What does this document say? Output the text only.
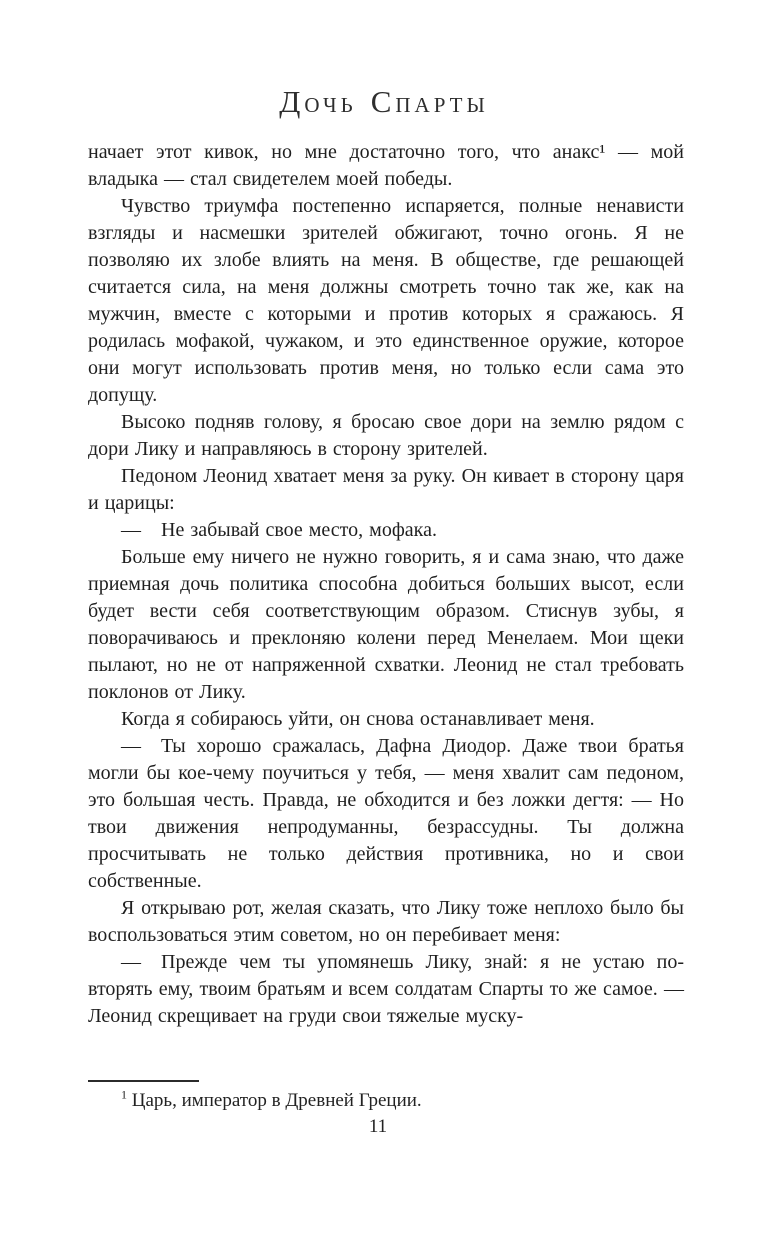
ДОЧЬ СПАРТЫ

начает этот кивок, но мне достаточно того, что анакс¹ — мой владыка — стал свидетелем моей победы.

Чувство триумфа постепенно испаряется, полные ненависти взгляды и насмешки зрителей обжигают, точно огонь. Я не позволяю их злобе влиять на меня. В обществе, где решающей считается сила, на меня должны смотреть точно так же, как на мужчин, вместе с которыми и против которых я сражаюсь. Я родилась мофакой, чужаком, и это единственное оружие, которое они могут использовать против меня, но только если сама это допущу.

Высоко подняв голову, я бросаю свое дори на землю рядом с дори Лику и направляюсь в сторону зрителей.

Педоном Леонид хватает меня за руку. Он кивает в сторону царя и царицы:

— Не забывай свое место, мофака.

Больше ему ничего не нужно говорить, я и сама знаю, что даже приемная дочь политика способна добиться больших высот, если будет вести себя соответствующим образом. Стиснув зубы, я поворачиваюсь и преклоняю колени перед Менелаем. Мои щеки пылают, но не от напряженной схватки. Леонид не стал требовать поклонов от Лику.

Когда я собираюсь уйти, он снова останавливает меня.

— Ты хорошо сражалась, Дафна Диодор. Даже твои братья могли бы кое-чему поучиться у тебя, — меня хвалит сам педоном, это большая честь. Правда, не обходится и без ложки дегтя: — Но твои движения непродуманны, безрассудны. Ты должна просчитывать не только действия противника, но и свои собственные.

Я открываю рот, желая сказать, что Лику тоже неплохо было бы воспользоваться этим советом, но он перебивает меня:

— Прежде чем ты упомянешь Лику, знай: я не устаю повторять ему, твоим братьям и всем солдатам Спарты то же самое. — Леонид скрещивает на груди свои тяжелые муску-

$^1$ Царь, император в Древней Греции.

11
